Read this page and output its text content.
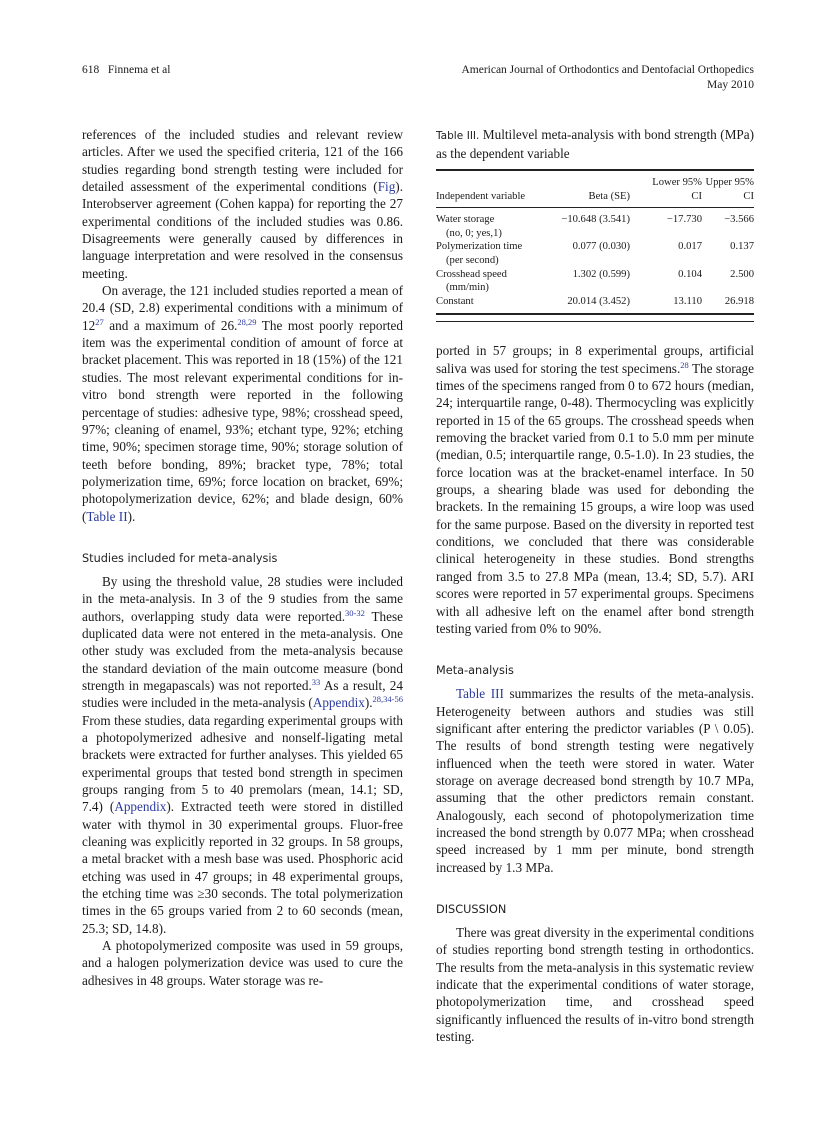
618 Finnema et al	American Journal of Orthodontics and Dentofacial Orthopedics
May 2010

references of the included studies and relevant review articles. After we used the specified criteria, 121 of the 166 studies regarding bond strength testing were included for detailed assessment of the experimental conditions (Fig). Interobserver agreement (Cohen kappa) for reporting the 27 experimental conditions of the included studies was 0.86. Disagreements were generally caused by differences in language interpretation and were resolved in the consensus meeting.

On average, the 121 included studies reported a mean of 20.4 (SD, 2.8) experimental conditions with a minimum of $12^{27}$ and a maximum of 26.$^{28,29}$ The most poorly reported item was the experimental condition of amount of force at bracket placement. This was reported in 18 (15%) of the 121 studies. The most relevant experimental conditions for in-vitro bond strength were reported in the following percentage of studies: adhesive type, 98%; crosshead speed, 97%; cleaning of enamel, 93%; etchant type, 92%; etching time, 90%; specimen storage time, 90%; storage solution of teeth before bonding, 89%; bracket type, 78%; total polymerization time, 69%; force location on bracket, 69%; photopolymerization device, 62%; and blade design, 60% (Table II).

Studies included for meta-analysis

By using the threshold value, 28 studies were included in the meta-analysis. In 3 of the 9 studies from the same authors, overlapping study data were reported.$^{30-32}$ These duplicated data were not entered in the meta-analysis. One other study was excluded from the meta-analysis because the standard deviation of the main outcome measure (bond strength in megapascals) was not reported.$^{33}$ As a result, 24 studies were included in the meta-analysis (Appendix).$^{28,34-56}$ From these studies, data regarding experimental groups with a photopolymerized adhesive and nonself-ligating metal brackets were extracted for further analyses. This yielded 65 experimental groups that tested bond strength in specimen groups ranging from 5 to 40 premolars (mean, 14.1; SD, 7.4) (Appendix). Extracted teeth were stored in distilled water with thymol in 30 experimental groups. Fluor-free cleaning was explicitly reported in 32 groups. In 58 groups, a metal bracket with a mesh base was used. Phosphoric acid etching was used in 47 groups; in 48 experimental groups, the etching time was ≥30 seconds. The total polymerization times in the 65 groups varied from 2 to 60 seconds (mean, 25.3; SD, 14.8).

A photopolymerized composite was used in 59 groups, and a halogen polymerization device was used to cure the adhesives in 48 groups. Water storage was re-

Table III. Multilevel meta-analysis with bond strength (MPa) as the dependent variable
Independent variable	Beta (SE)	Lower 95% CI	Upper 95% CI
Water storage
(no, 0; yes,1)	−10.648 (3.541)	−17.730	−3.566
Polymerization time
(per second)	0.077 (0.030)	0.017	0.137
Crosshead speed
(mm/min)	1.302 (0.599)	0.104	2.500
Constant	20.014 (3.452)	13.110	26.918

ported in 57 groups; in 8 experimental groups, artificial saliva was used for storing the test specimens.$^{28}$ The storage times of the specimens ranged from 0 to 672 hours (median, 24; interquartile range, 0-48). Thermocycling was explicitly reported in 15 of the 65 groups. The crosshead speeds when removing the bracket varied from 0.1 to 5.0 mm per minute (median, 0.5; interquartile range, 0.5-1.0). In 23 studies, the force location was at the bracket-enamel interface. In 50 groups, a shearing blade was used for debonding the brackets. In the remaining 15 groups, a wire loop was used for the same purpose. Based on the diversity in reported test conditions, we concluded that there was considerable clinical heterogeneity in these studies. Bond strengths ranged from 3.5 to 27.8 MPa (mean, 13.4; SD, 5.7). ARI scores were reported in 57 experimental groups. Specimens with all adhesive left on the enamel after bond strength testing varied from 0% to 90%.

Meta-analysis

Table III summarizes the results of the meta-analysis. Heterogeneity between authors and studies was still significant after entering the predictor variables (P \ 0.05). The results of bond strength testing were negatively influenced when the teeth were stored in water. Water storage on average decreased bond strength by 10.7 MPa, assuming that the other predictors remain constant. Analogously, each second of photopolymerization time increased the bond strength by 0.077 MPa; when crosshead speed increased by 1 mm per minute, bond strength increased by 1.3 MPa.

DISCUSSION

There was great diversity in the experimental conditions of studies reporting bond strength testing in orthodontics. The results from the meta-analysis in this systematic review indicate that the experimental conditions of water storage, photopolymerization time, and crosshead speed significantly influenced the results of in-vitro bond strength testing.
